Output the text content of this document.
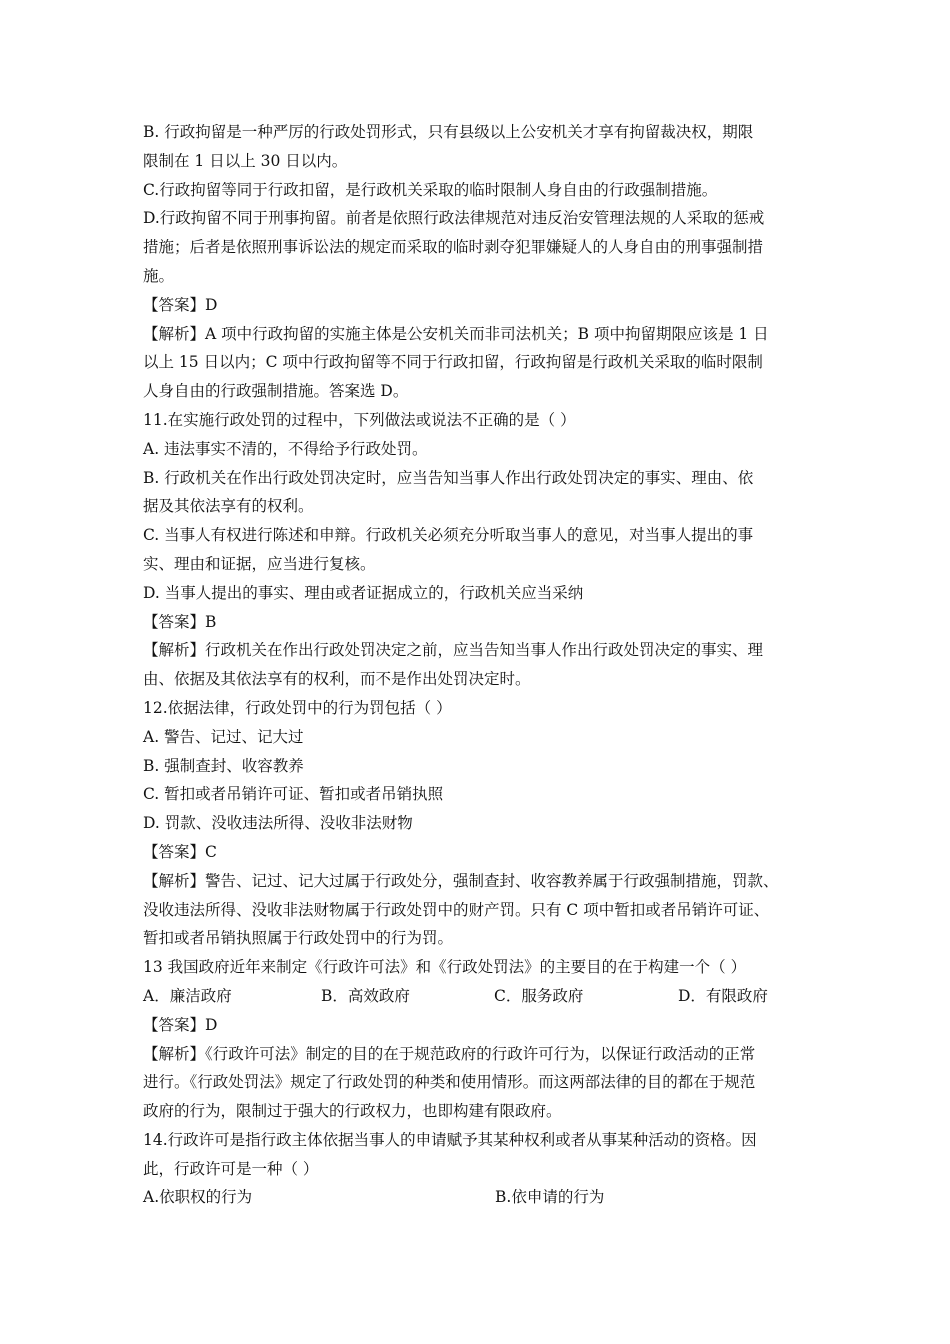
B. 行政拘留是一种严厉的行政处罚形式，只有县级以上公安机关才享有拘留裁决权，期限
限制在 1 日以上 30 日以内。
C.行政拘留等同于行政扣留，是行政机关采取的临时限制人身自由的行政强制措施。
D.行政拘留不同于刑事拘留。前者是依照行政法律规范对违反治安管理法规的人采取的惩戒
措施；后者是依照刑事诉讼法的规定而采取的临时剥夺犯罪嫌疑人的人身自由的刑事强制措
施。
【答案】D
【解析】A 项中行政拘留的实施主体是公安机关而非司法机关；B 项中拘留期限应该是 1 日
以上 15 日以内；C 项中行政拘留等不同于行政扣留，行政拘留是行政机关采取的临时限制
人身自由的行政强制措施。答案选 D。
11.在实施行政处罚的过程中，下列做法或说法不正确的是（ ）
A. 违法事实不清的，不得给予行政处罚。
B. 行政机关在作出行政处罚决定时，应当告知当事人作出行政处罚决定的事实、理由、依
据及其依法享有的权利。
C. 当事人有权进行陈述和申辩。行政机关必须充分听取当事人的意见，对当事人提出的事
实、理由和证据，应当进行复核。
D. 当事人提出的事实、理由或者证据成立的，行政机关应当采纳
【答案】B
【解析】行政机关在作出行政处罚决定之前，应当告知当事人作出行政处罚决定的事实、理
由、依据及其依法享有的权利，而不是作出处罚决定时。
12.依据法律，行政处罚中的行为罚包括（ ）
A. 警告、记过、记大过
B. 强制查封、收容教养
C. 暂扣或者吊销许可证、暂扣或者吊销执照
D. 罚款、没收违法所得、没收非法财物
【答案】C
【解析】警告、记过、记大过属于行政处分，强制查封、收容教养属于行政强制措施，罚款、
没收违法所得、没收非法财物属于行政处罚中的财产罚。只有 C 项中暂扣或者吊销许可证、
暂扣或者吊销执照属于行政处罚中的行为罚。
13 我国政府近年来制定《行政许可法》和《行政处罚法》的主要目的在于构建一个（ ）
A．廉洁政府	B．高效政府	C．服务政府	D．有限政府
【答案】D
【解析】《行政许可法》制定的目的在于规范政府的行政许可行为，以保证行政活动的正常
进行。《行政处罚法》规定了行政处罚的种类和使用情形。而这两部法律的目的都在于规范
政府的行为，限制过于强大的行政权力，也即构建有限政府。
14.行政许可是指行政主体依据当事人的申请赋予其某种权利或者从事某种活动的资格。因
此，行政许可是一种（ ）
A.依职权的行为	B.依申请的行为
